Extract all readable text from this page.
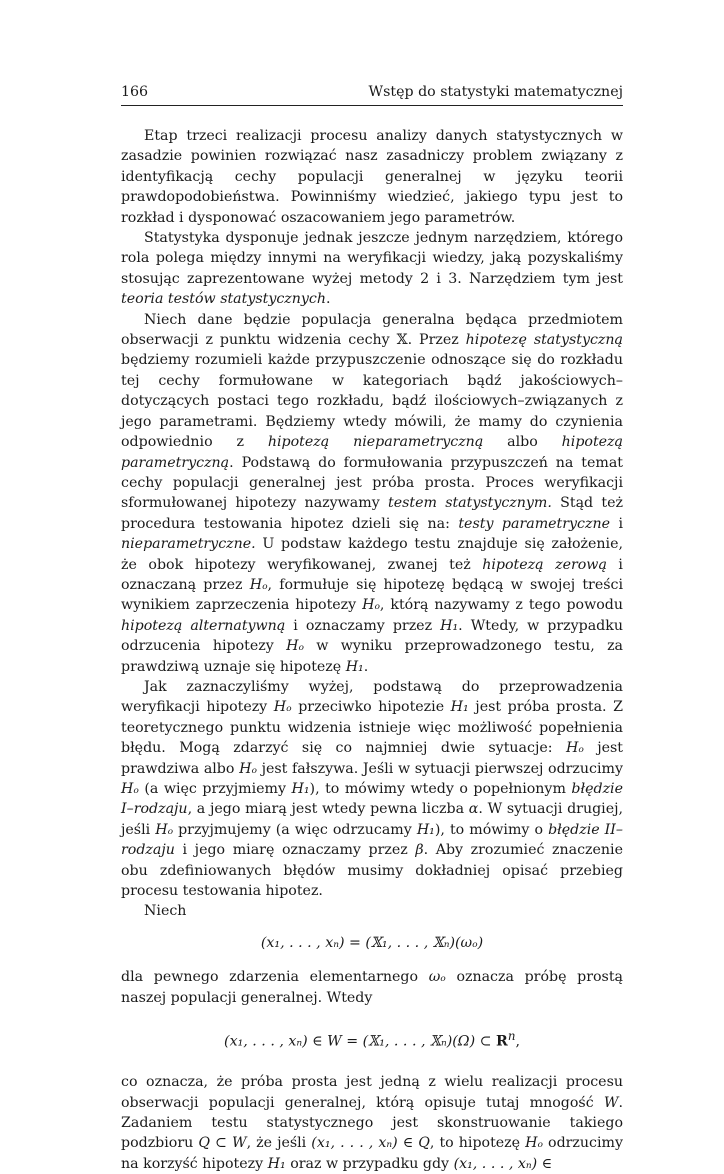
166	Wstęp do statystyki matematycznej

Etap trzeci realizacji procesu analizy danych statystycznych w zasadzie powinien rozwiązać nasz zasadniczy problem związany z identyfikacją cechy populacji generalnej w języku teorii prawdopodobieństwa. Powinniśmy wiedzieć, jakiego typu jest to rozkład i dysponować oszacowaniem jego parametrów.

Statystyka dysponuje jednak jeszcze jednym narzędziem, którego rola polega między innymi na weryfikacji wiedzy, jaką pozyskaliśmy stosując zaprezentowane wyżej metody 2 i 3. Narzędziem tym jest teoria testów statystycznych.

Niech dane będzie populacja generalna będąca przedmiotem obserwacji z punktu widzenia cechy 𝕏. Przez hipotezę statystyczną będziemy rozumieli każde przypuszczenie odnoszące się do rozkładu tej cechy formułowane w kategoriach bądź jakościowych–dotyczących postaci tego rozkładu, bądź ilościowych–związanych z jego parametrami. Będziemy wtedy mówili, że mamy do czynienia odpowiednio z hipotezą nieparametryczną albo hipotezą parametryczną. Podstawą do formułowania przypuszczeń na temat cechy populacji generalnej jest próba prosta. Proces weryfikacji sformułowanej hipotezy nazywamy testem statystycznym. Stąd też procedura testowania hipotez dzieli się na: testy parametryczne i nieparametryczne. U podstaw każdego testu znajduje się założenie, że obok hipotezy weryfikowanej, zwanej też hipotezą zerową i oznaczaną przez Hₒ, formułuje się hipotezę będącą w swojej treści wynikiem zaprzeczenia hipotezy Hₒ, którą nazywamy z tego powodu hipotezą alternatywną i oznaczamy przez H₁. Wtedy, w przypadku odrzucenia hipotezy Hₒ w wyniku przeprowadzonego testu, za prawdziwą uznaje się hipotezę H₁.

Jak zaznaczyliśmy wyżej, podstawą do przeprowadzenia weryfikacji hipotezy Hₒ przeciwko hipotezie H₁ jest próba prosta. Z teoretycznego punktu widzenia istnieje więc możliwość popełnienia błędu. Mogą zdarzyć się co najmniej dwie sytuacje: Hₒ jest prawdziwa albo Hₒ jest fałszywa. Jeśli w sytuacji pierwszej odrzucimy Hₒ (a więc przyjmiemy H₁), to mówimy wtedy o popełnionym błędzie I–rodzaju, a jego miarą jest wtedy pewna liczba α. W sytuacji drugiej, jeśli Hₒ przyjmujemy (a więc odrzucamy H₁), to mówimy o błędzie II–rodzaju i jego miarę oznaczamy przez β. Aby zrozumieć znaczenie obu zdefiniowanych błędów musimy dokładniej opisać przebieg procesu testowania hipotez.

Niech

(x₁, . . . , xₙ) = (𝕏₁, . . . , 𝕏ₙ)(ωₒ)

dla pewnego zdarzenia elementarnego ωₒ oznacza próbę prostą naszej populacji generalnej. Wtedy

(x₁, . . . , xₙ) ∈ W = (𝕏₁, . . . , 𝕏ₙ)(Ω) ⊂ $R^n$,

co oznacza, że próba prosta jest jedną z wielu realizacji procesu obserwacji populacji generalnej, którą opisuje tutaj mnogość W. Zadaniem testu statystycznego jest skonstruowanie takiego podzbioru Q ⊂ W, że jeśli (x₁, . . . , xₙ) ∈ Q, to hipotezę Hₒ odrzucimy na korzyść hipotezy H₁ oraz w przypadku gdy (x₁, . . . , xₙ) ∈
